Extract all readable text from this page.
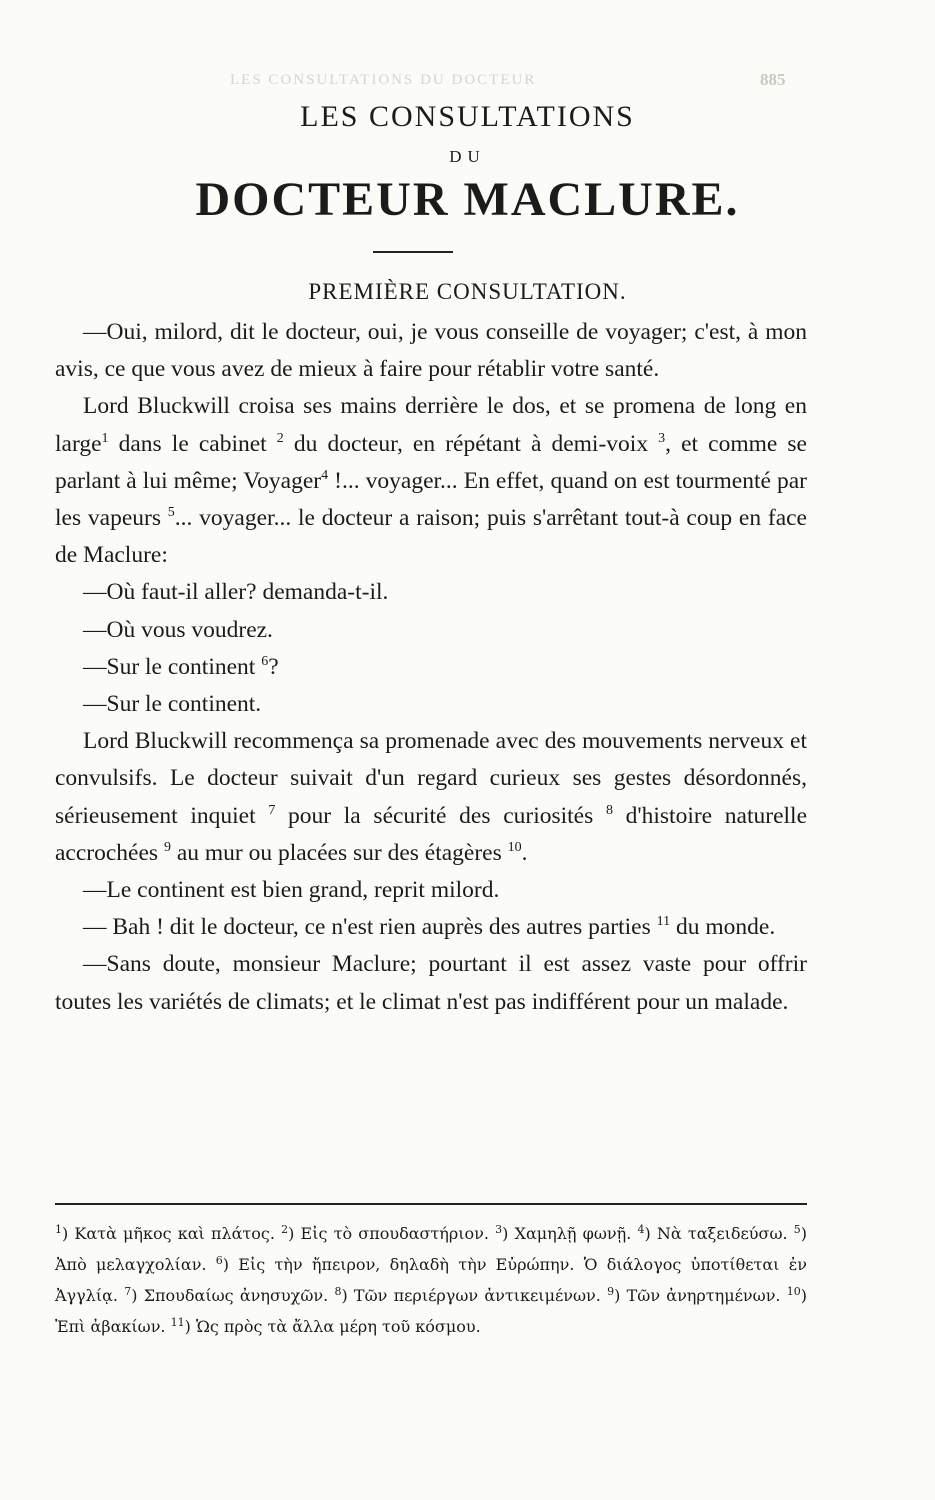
LES CONSULTATIONS DU DOCTEUR	885
LES CONSULTATIONS
DU
DOCTEUR MACLURE.
PREMIÈRE CONSULTATION.

—Oui, milord, dit le docteur, oui, je vous conseille de voyager; c'est, à mon avis, ce que vous avez de mieux à faire pour rétablir votre santé.

Lord Bluckwill croisa ses mains derrière le dos, et se promena de long en large$^1$ dans le cabinet $^2$ du docteur, en répétant à demi-voix $^3$, et comme se parlant à lui même; Voyager$^4$ !... voyager... En effet, quand on est tourmenté par les vapeurs $^5$... voyager... le docteur a raison; puis s'arrêtant tout-à coup en face de Maclure:

—Où faut-il aller? demanda-t-il.

—Où vous voudrez.

—Sur le continent $^6$?

—Sur le continent.

Lord Bluckwill recommença sa promenade avec des mouvements nerveux et convulsifs. Le docteur suivait d'un regard curieux ses gestes désordonnés, sérieusement inquiet $^7$ pour la sécurité des curiosités $^8$ d'histoire naturelle accrochées $^9$ au mur ou placées sur des étagères $^{10}$.

—Le continent est bien grand, reprit milord.

— Bah ! dit le docteur, ce n'est rien auprès des autres parties $^{11}$ du monde.

—Sans doute, monsieur Maclure; pourtant il est assez vaste pour offrir toutes les variétés de climats; et le climat n'est pas indifférent pour un malade.

$^1$) Κατὰ μῆκος καὶ πλάτος. $^2$) Εἰς τὸ σπουδαστήριον. $^3$) Χαμηλῇ φωνῇ. $^4$) Νὰ ταξειδεύσω. $^5$) Ἀπὸ μελαγχολίαν. $^6$) Εἰς τὴν ἤπειρον, δηλαδὴ τὴν Εὐρώπην. Ὁ διάλογος ὑποτίθεται ἐν Ἀγγλίᾳ. $^7$) Σπουδαίως ἀνησυχῶν. $^8$) Τῶν περιέργων ἀντικειμένων. $^9$) Τῶν ἀνηρτημένων. $^{10}$) Ἐπὶ ἀβακίων. $^{11}$) Ὡς πρὸς τὰ ἄλλα μέρη τοῦ κόσμου.
